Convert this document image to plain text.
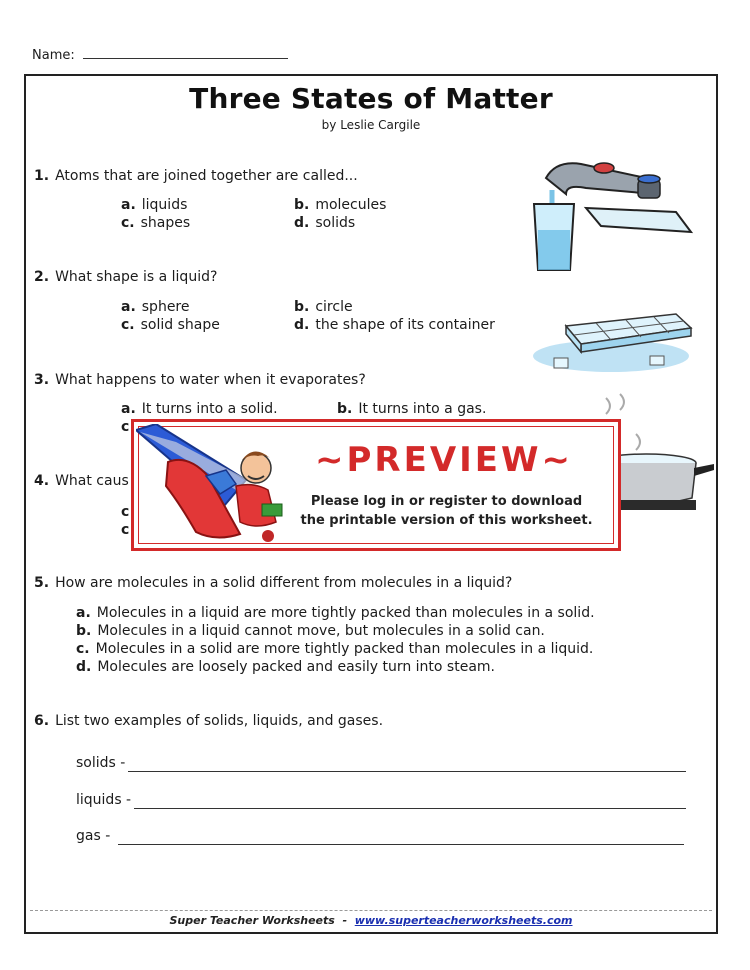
Name:
Three States of Matter
by Leslie Cargile
1. Atoms that are joined together are called...
a. liquids	b. molecules
c. shapes	d. solids
2. What shape is a liquid?
a. sphere	b. circle
c. solid shape	d. the shape of its container
3. What happens to water when it evaporates?
a. It turns into a solid.	b. It turns into a gas.
c
4. What caus
c
c
5. How are molecules in a solid different from molecules in a liquid?
a. Molecules in a liquid are more tightly packed than molecules in a solid.
b. Molecules in a liquid cannot move, but molecules in a solid can.
c. Molecules in a solid are more tightly packed than molecules in a liquid.
d. Molecules are loosely packed and easily turn into steam.
6. List two examples of solids, liquids, and gases.
solids -
liquids -
gas -
~PREVIEW~
Please log in or register to download
the printable version of this worksheet.
Super Teacher Worksheets - www.superteacherworksheets.com
